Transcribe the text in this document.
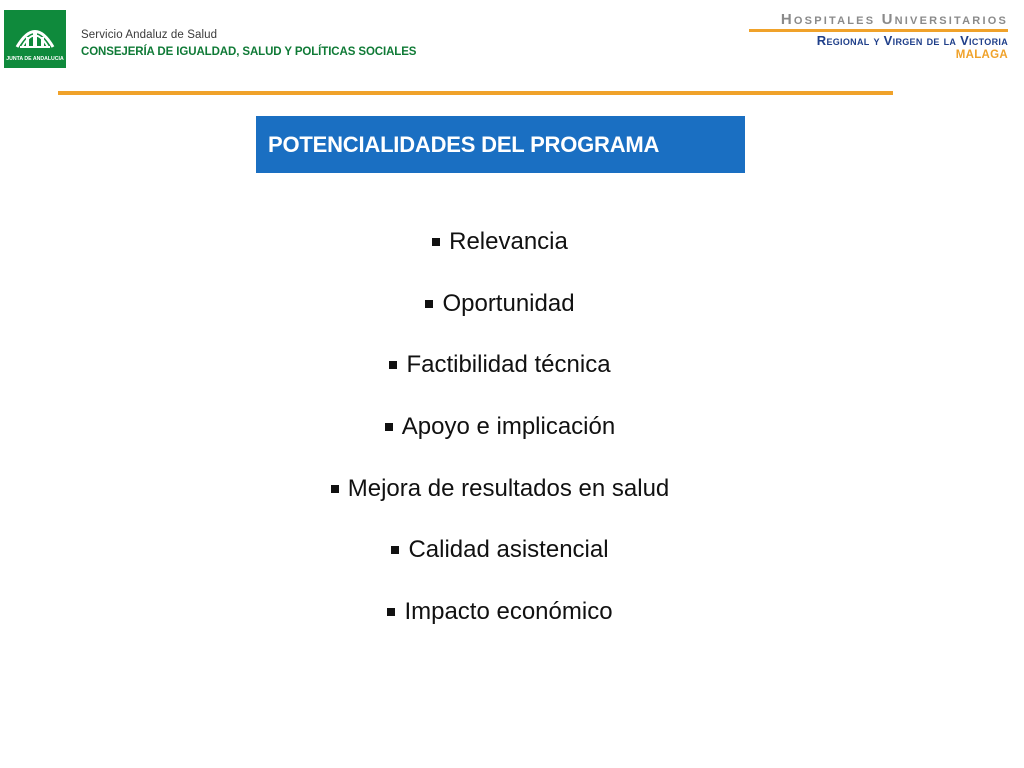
JUNTA DE ANDALUCIA
Servicio Andaluz de Salud
CONSEJERÍA DE IGUALDAD, SALUD Y POLÍTICAS SOCIALES
Hospitales Universitarios
Regional y Virgen de la Victoria
MALAGA
POTENCIALIDADES DEL PROGRAMA
Relevancia
Oportunidad
Factibilidad técnica
Apoyo e implicación
Mejora de resultados en salud
Calidad asistencial
Impacto económico
